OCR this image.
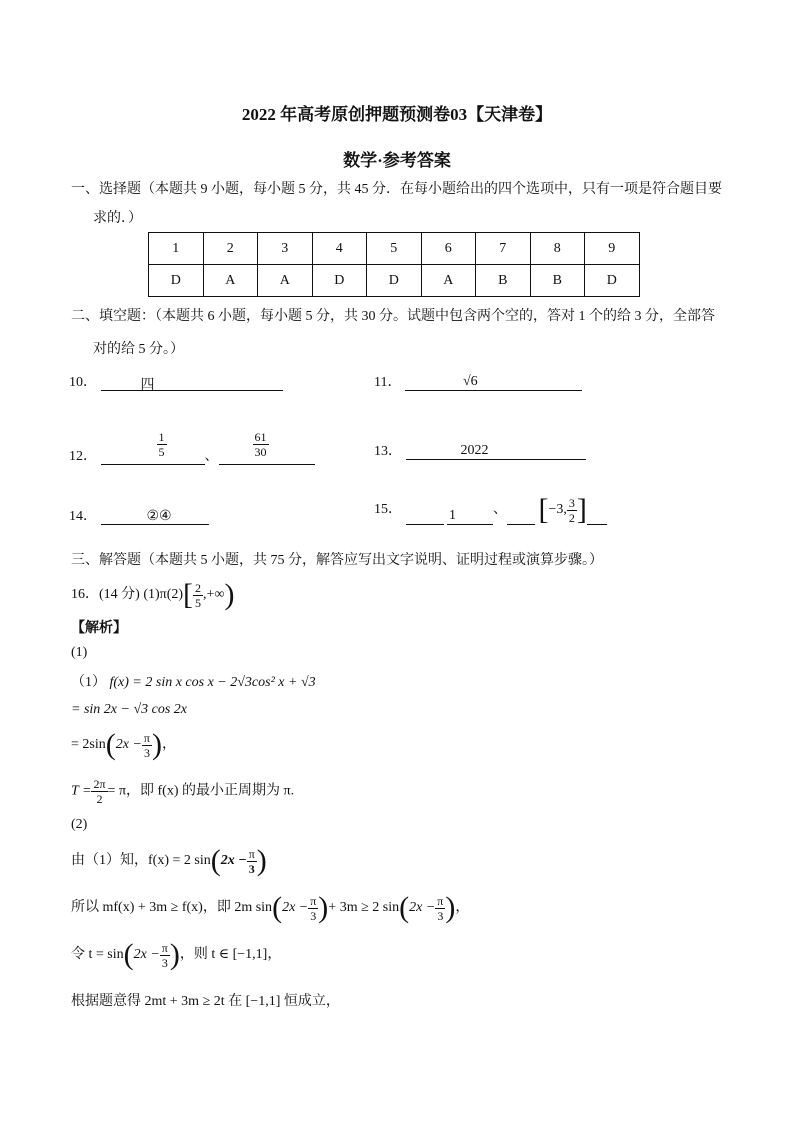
2022 年高考原创押题预测卷03【天津卷】
数学·参考答案
一、选择题（本题共 9 小题，每小题 5 分，共 45 分．在每小题给出的四个选项中，只有一项是符合题目要
求的．）
1	2	3	4	5	6	7	8	9
D	A	A	D	D	A	B	B	D
二、填空题：（本题共 6 小题，每小题 5 分，共 30 分。试题中包含两个空的，答对 1 个的给 3 分，全部答
对的给 5 分。）
10．	四	11．	√6
12．	$\frac{1}{5}$	、	$\frac{61}{30}$	13．	2022
14．	②④	15．	1	、 [−3, $\frac{3}{2}$ ]
三、解答题（本题共 5 小题，共 75 分，解答应写出文字说明、证明过程或演算步骤。）
16．(14 分) $(1)\pi(2)[ \frac{2}{5}$ ,+∞)
【解析】
(1)
（1） f(x) = 2 sin x cos x − 2√3cos² x + √3
= sin 2x − √3 cos 2x
= $2\sin(2x - \frac{\pi}{3}$ )，
$T = \frac{2\pi}{2} = \pi$，即 f(x) 的最小正周期为 π.
(2)
由（1）知，f(x) = 2 $\sin(2x - \frac{\pi}{3}$ )
所以 mf(x) + 3m ≥ f(x)，即 2m $\sin(2x - \frac{\pi}{3}$ )+ 3m ≥ 2 $\sin(2x - \frac{\pi}{3}$ )，
令 $t = \sin(2x - \frac{\pi}{3}$ )，则 t ∈ [−1,1]，
根据题意得 2mt + 3m ≥ 2t 在 [−1,1] 恒成立，
